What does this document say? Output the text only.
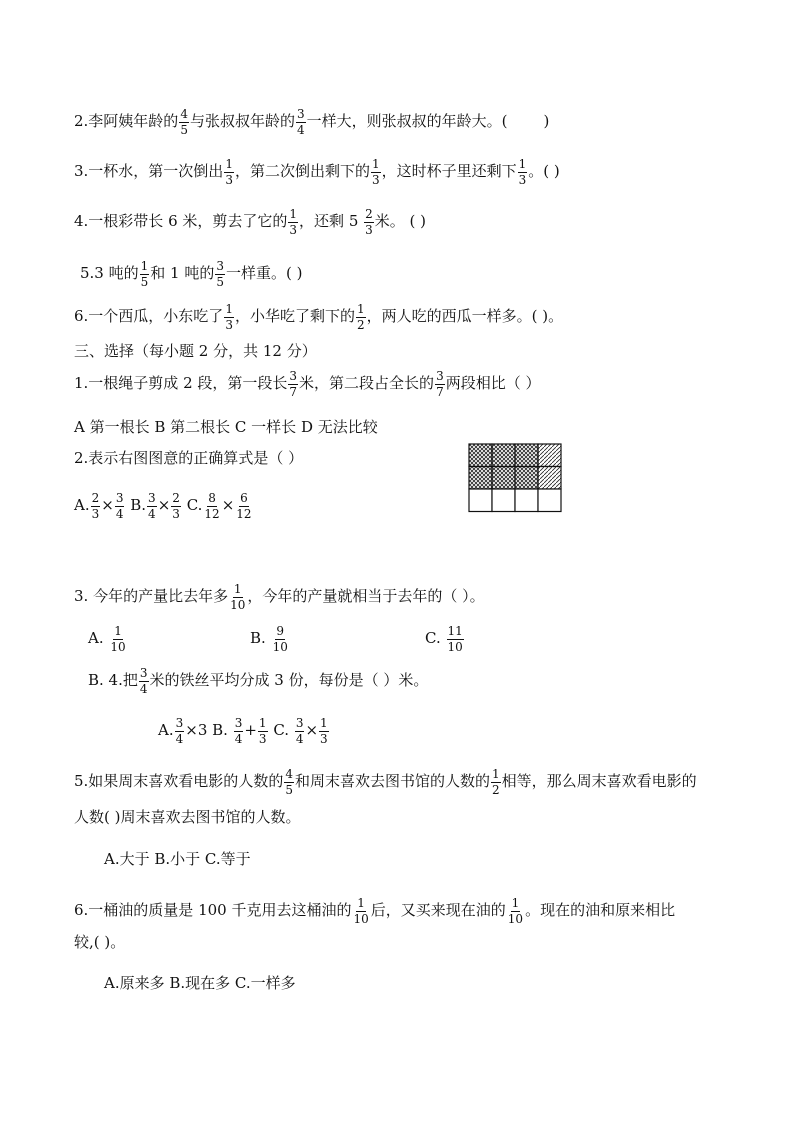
2.李阿姨年龄的 $\frac{4}{5}$ 与张叔叔年龄的 $\frac{3}{4}$ 一样大，则张叔叔的年龄大。( )
3.一杯水，第一次倒出 $\frac{1}{3}$ ，第二次倒出剩下的 $\frac{1}{3}$ ，这时杯子里还剩下 $\frac{1}{3}$ 。( )
4.一根彩带长 6 米，剪去了它的 $\frac{1}{3}$ ，还剩 $5 \frac{2}{3}$ 米。 ( )
5.3 吨的 $\frac{1}{5}$ 和 1 吨的 $\frac{3}{5}$ 一样重。( )
6.一个西瓜，小东吃了 $\frac{1}{3}$ ，小华吃了剩下的 $\frac{1}{2}$ ，两人吃的西瓜一样多。( )。
三、选择（每小题 2 分，共 12 分）
1.一根绳子剪成 2 段，第一段长 $\frac{3}{7}$ 米，第二段占全长的 $\frac{3}{7}$ 两段相比（ ）
A 第一根长 B 第二根长 C 一样长 D 无法比较
2.表示右图图意的正确算式是（ ）
A. $\frac{2}{3} \times \frac{3}{4} B$. $\frac{3}{4} \times \frac{2}{3} C$. $\frac{8}{12} \times \frac{6}{12}$
3. 今年的产量比去年多 $\frac{1}{10}$ ，今年的产量就相当于去年的（ ）。
A. $\frac{1}{10}$	B. $\frac{9}{10}$	C. $\frac{11}{10}$
B. 4.把 $\frac{3}{4}$ 米的铁丝平均分成 3 份，每份是（ ）米。
A. $\frac{3}{4} \times 3$ B. $\frac{3}{4} + \frac{1}{3} C$. $\frac{3}{4} \times \frac{1}{3}$
5.如果周末喜欢看电影的人数的 $\frac{4}{5}$ 和周末喜欢去图书馆的人数的 $\frac{1}{2}$ 相等，那么周末喜欢看电影的
人数( )周末喜欢去图书馆的人数。
A.大于 B.小于 C.等于
6.一桶油的质量是 100 千克用去这桶油的 $\frac{1}{10}$ 后，又买来现在油的 $\frac{1}{10}$ 。现在的油和原来相比
较,( )。
A.原来多 B.现在多 C.一样多
